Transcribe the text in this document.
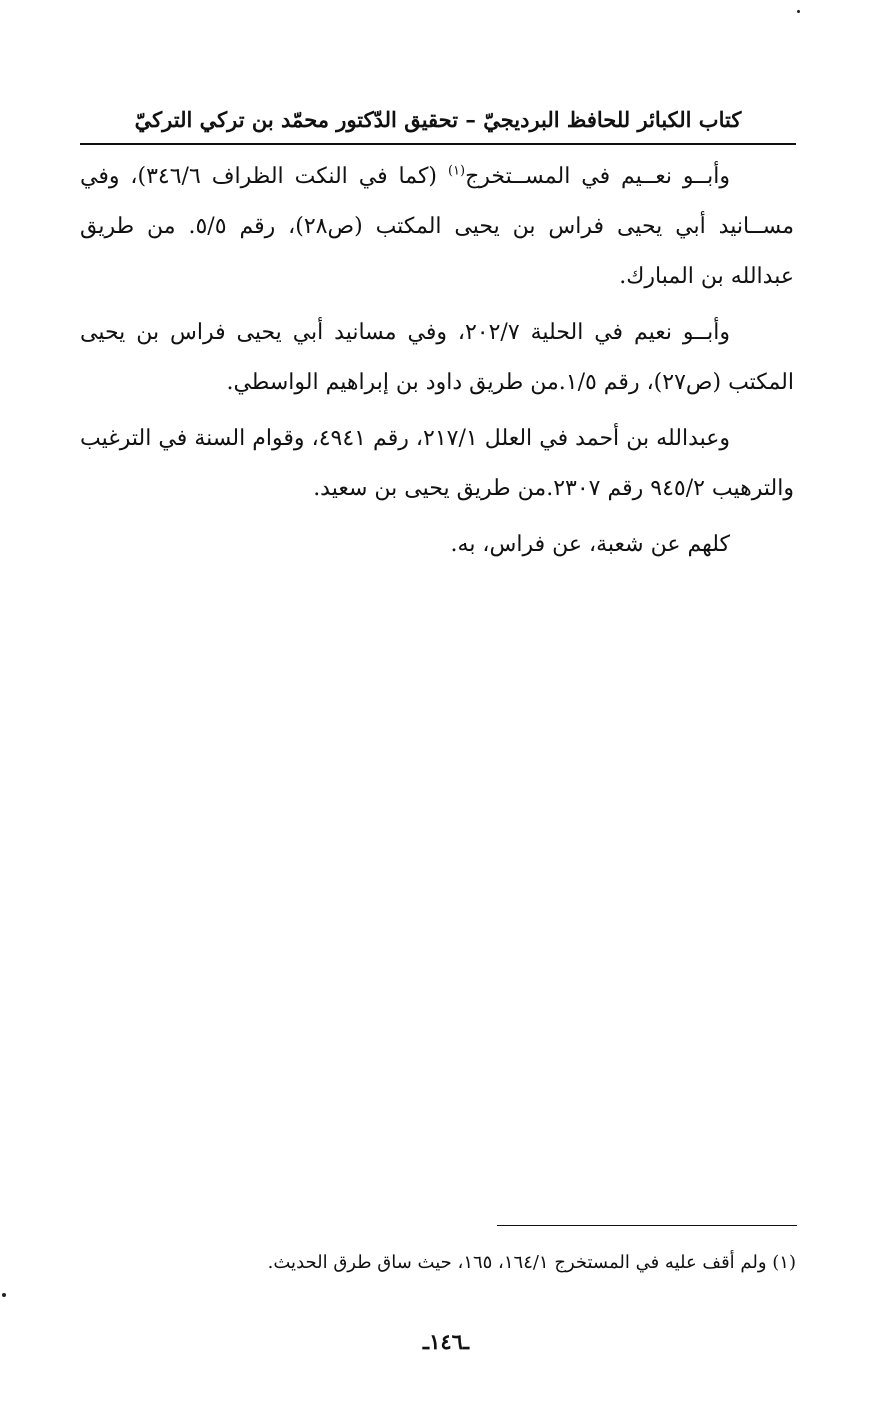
كتاب الكبائر للحافظ البرديجيّ – تحقيق الدّكتور محمّد بن تركي التركيّ

وأبــو نعــيم في المســتخرج$^{(١)}$ (كما في النكت الظراف ٣٤٦/٦)، وفي مســانيد أبي يحيى فراس بن يحيى المكتب (ص٢٨)، رقم ٥/٥. من طريق عبدالله بن المبارك.

وأبــو نعيم في الحلية ٢٠٢/٧، وفي مسانيد أبي يحيى فراس بن يحيى المكتب (ص٢٧)، رقم ١/٥.من طريق داود بن إبراهيم الواسطي.

وعبدالله بن أحمد في العلل ٢١٧/١، رقم ٤٩٤١، وقوام السنة في الترغيب والترهيب ٩٤٥/٢ رقم ٢٣٠٧.من طريق يحيى بن سعيد.

كلهم عن شعبة، عن فراس، به.

(١) ولم أقف عليه في المستخرج ١٦٤/١، ١٦٥، حيث ساق طرق الحديث.
ـ١٤٦ـ
